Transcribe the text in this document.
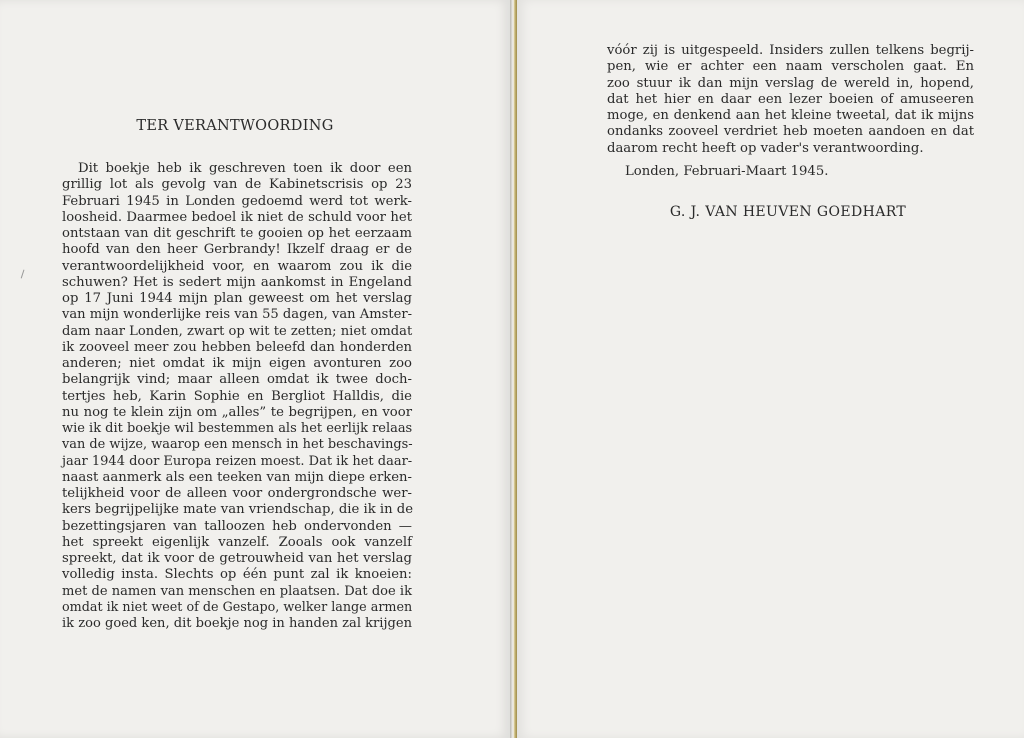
TER VERANTWOORDING
Dit boekje heb ik geschreven toen ik door een
grillig lot als gevolg van de Kabinetscrisis op 23
Februari 1945 in Londen gedoemd werd tot werk-
loosheid. Daarmee bedoel ik niet de schuld voor het
ontstaan van dit geschrift te gooien op het eerzaam
hoofd van den heer Gerbrandy! Ikzelf draag er de
verantwoordelijkheid voor, en waarom zou ik die
schuwen? Het is sedert mijn aankomst in Engeland
op 17 Juni 1944 mijn plan geweest om het verslag
van mijn wonderlijke reis van 55 dagen, van Amster-
dam naar Londen, zwart op wit te zetten; niet omdat
ik zooveel meer zou hebben beleefd dan honderden
anderen; niet omdat ik mijn eigen avonturen zoo
belangrijk vind; maar alleen omdat ik twee doch-
tertjes heb, Karin Sophie en Bergliot Halldis, die
nu nog te klein zijn om „alles” te begrijpen, en voor
wie ik dit boekje wil bestemmen als het eerlijk relaas
van de wijze, waarop een mensch in het beschavings-
jaar 1944 door Europa reizen moest. Dat ik het daar-
naast aanmerk als een teeken van mijn diepe erken-
telijkheid voor de alleen voor ondergrondsche wer-
kers begrijpelijke mate van vriendschap, die ik in de
bezettingsjaren van talloozen heb ondervonden —
het spreekt eigenlijk vanzelf. Zooals ook vanzelf
spreekt, dat ik voor de getrouwheid van het verslag
volledig insta. Slechts op één punt zal ik knoeien:
met de namen van menschen en plaatsen. Dat doe ik
omdat ik niet weet of de Gestapo, welker lange armen
ik zoo goed ken, dit boekje nog in handen zal krijgen
vóór zij is uitgespeeld. Insiders zullen telkens begrij-
pen, wie er achter een naam verscholen gaat. En
zoo stuur ik dan mijn verslag de wereld in, hopend,
dat het hier en daar een lezer boeien of amuseeren
moge, en denkend aan het kleine tweetal, dat ik mijns
ondanks zooveel verdriet heb moeten aandoen en dat
daarom recht heeft op vader's verantwoording.
Londen, Februari-Maart 1945.
G. J. VAN HEUVEN GOEDHART
